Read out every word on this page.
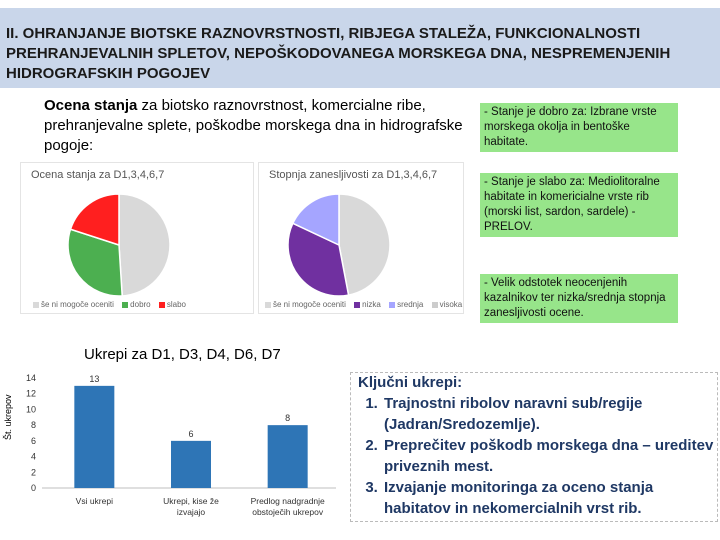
II. OHRANJANJE BIOTSKE RAZNOVRSTNOSTI, RIBJEGA STALEŽA, FUNKCIONALNOSTI PREHRANJEVALNIH SPLETOV, NEPOŠKODOVANEGA MORSKEGA DNA, NESPREMENJENIH HIDROGRAFSKIH POGOJEV
Ocena stanja za biotsko raznovrstnost, komercialne ribe, prehranjevalne splete, poškodbe morskega dna in hidrografske pogoje:
Ocena stanja za D1,3,4,6,7
še ni mogoče oceniti dobro slabo
Stopnja zanesljivosti za D1,3,4,6,7
še ni mogoče oceniti nizka srednja visoka
- Stanje je dobro za: Izbrane vrste morskega okolja in bentoške habitate.
- Stanje je slabo za: Mediolitoralne habitate in komericialne vrste rib (morski list, sardon, sardele) - PRELOV.
- Velik odstotek neocenjenih kazalnikov ter nizka/srednja stopnja zanesljivosti ocene.
Ukrepi za D1, D3, D4, D6, D7
Št. ukrepov
0
2
4
6
8
10
12
14	13
Vsi ukrepi
6
Ukrepi, kise že
izvajajo
8
Predlog nadgradnje
obstoječih ukrepov
Ključni ukrepi:
1. Trajnostni ribolov naravni sub/regije (Jadran/Sredozemlje).
2. Preprečitev poškodb morskega dna – ureditev priveznih mest.
3. Izvajanje monitoringa za oceno stanja habitatov in nekomercialnih vrst rib.
